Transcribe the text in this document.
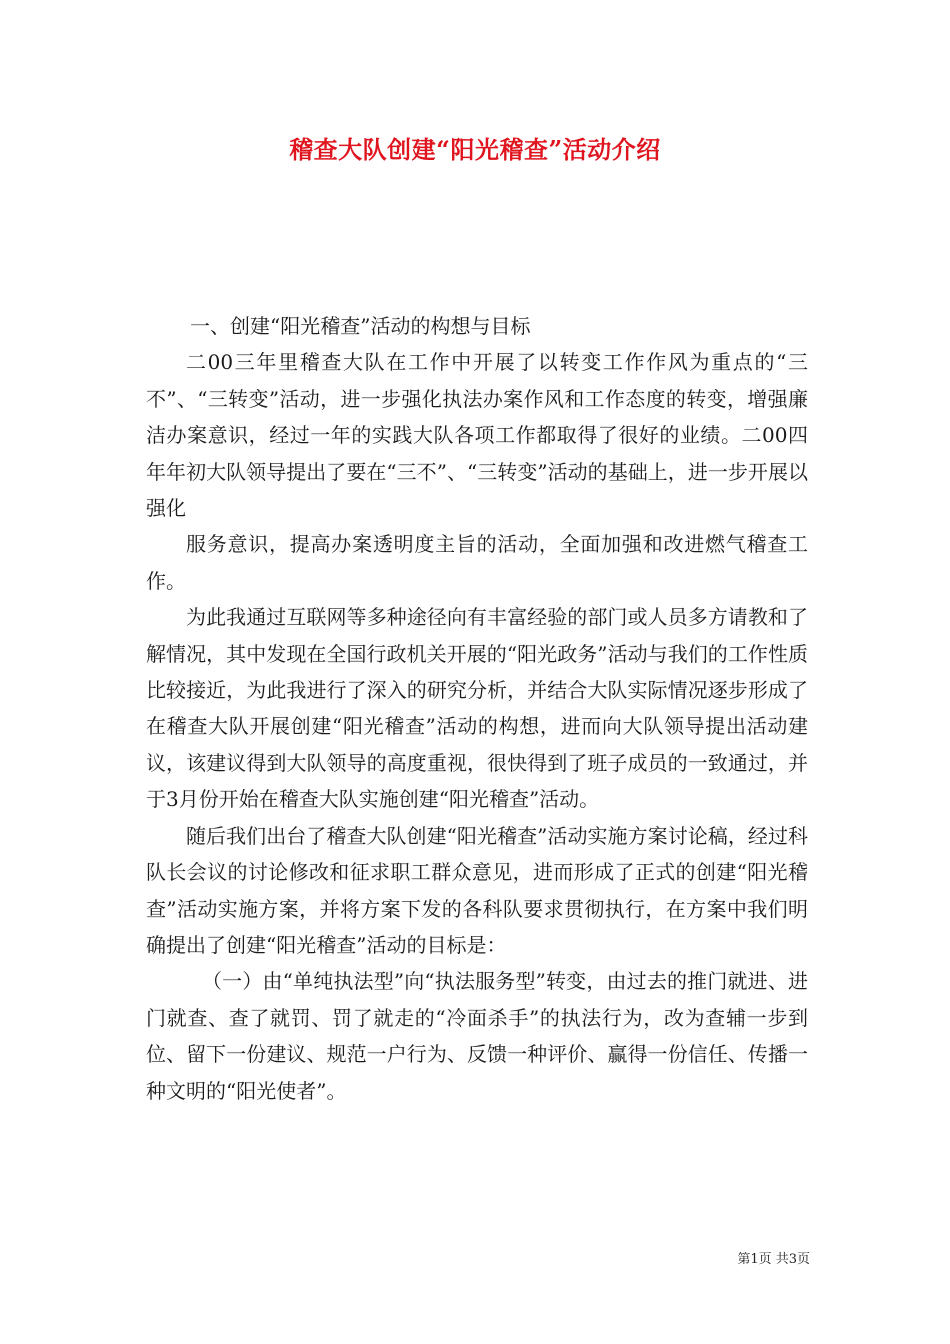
稽查大队创建“阳光稽查”活动介绍

一、创建“阳光稽查”活动的构想与目标

二00三年里稽查大队在工作中开展了以转变工作作风为重点的“三不”、“三转变”活动，进一步强化执法办案作风和工作态度的转变，增强廉洁办案意识，经过一年的实践大队各项工作都取得了很好的业绩。二00四年年初大队领导提出了要在“三不”、“三转变”活动的基础上，进一步开展以强化

服务意识，提高办案透明度主旨的活动，全面加强和改进燃气稽查工作。

为此我通过互联网等多种途径向有丰富经验的部门或人员多方请教和了解情况，其中发现在全国行政机关开展的“阳光政务”活动与我们的工作性质比较接近，为此我进行了深入的研究分析，并结合大队实际情况逐步形成了在稽查大队开展创建“阳光稽查”活动的构想，进而向大队领导提出活动建议，该建议得到大队领导的高度重视，很快得到了班子成员的一致通过，并于3月份开始在稽查大队实施创建“阳光稽查”活动。

随后我们出台了稽查大队创建“阳光稽查”活动实施方案讨论稿，经过科队长会议的讨论修改和征求职工群众意见，进而形成了正式的创建“阳光稽查”活动实施方案，并将方案下发的各科队要求贯彻执行，在方案中我们明确提出了创建“阳光稽查”活动的目标是：

（一）由“单纯执法型”向“执法服务型”转变，由过去的推门就进、进门就查、查了就罚、罚了就走的“冷面杀手”的执法行为，改为查辅一步到位、留下一份建议、规范一户行为、反馈一种评价、赢得一份信任、传播一种文明的“阳光使者”。

第1页 共3页
